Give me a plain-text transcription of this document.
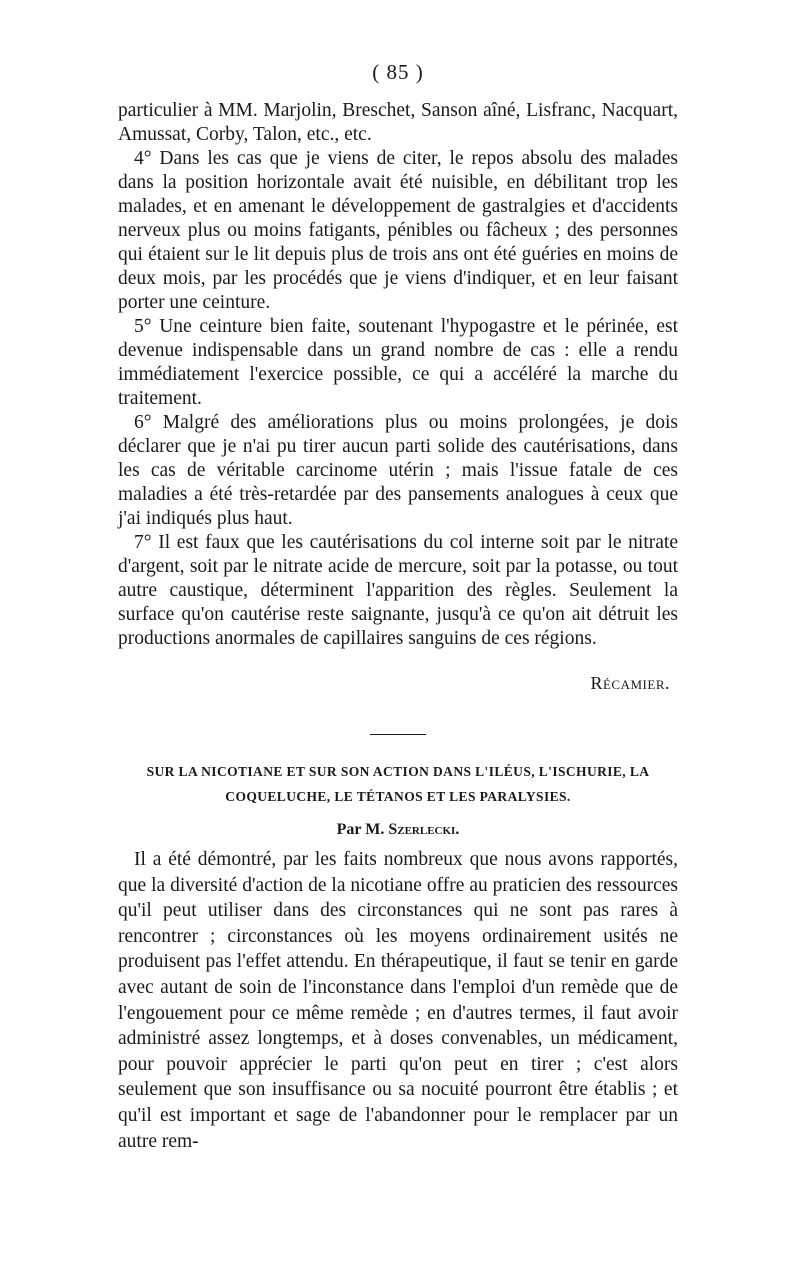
( 85 )

particulier à MM. Marjolin, Breschet, Sanson aîné, Lisfranc, Nacquart, Amussat, Corby, Talon, etc., etc.

4° Dans les cas que je viens de citer, le repos absolu des malades dans la position horizontale avait été nuisible, en débilitant trop les malades, et en amenant le développement de gastralgies et d'accidents nerveux plus ou moins fatigants, pénibles ou fâcheux ; des personnes qui étaient sur le lit depuis plus de trois ans ont été guéries en moins de deux mois, par les procédés que je viens d'indiquer, et en leur faisant porter une ceinture.

5° Une ceinture bien faite, soutenant l'hypogastre et le périnée, est devenue indispensable dans un grand nombre de cas : elle a rendu immédiatement l'exercice possible, ce qui a accéléré la marche du traitement.

6° Malgré des améliorations plus ou moins prolongées, je dois déclarer que je n'ai pu tirer aucun parti solide des cautérisations, dans les cas de véritable carcinome utérin ; mais l'issue fatale de ces maladies a été très-retardée par des pansements analogues à ceux que j'ai indiqués plus haut.

7° Il est faux que les cautérisations du col interne soit par le nitrate d'argent, soit par le nitrate acide de mercure, soit par la potasse, ou tout autre caustique, déterminent l'apparition des règles. Seulement la surface qu'on cautérise reste saignante, jusqu'à ce qu'on ait détruit les productions anormales de capillaires sanguins de ces régions.

Récamier.
SUR LA NICOTIANE ET SUR SON ACTION DANS L'ILÉUS, L'ISCHURIE, LA
COQUELUCHE, LE TÉTANOS ET LES PARALYSIES.
Par M. Szerlecki.

Il a été démontré, par les faits nombreux que nous avons rapportés, que la diversité d'action de la nicotiane offre au praticien des ressources qu'il peut utiliser dans des circonstances qui ne sont pas rares à rencontrer ; circonstances où les moyens ordinairement usités ne produisent pas l'effet attendu. En thérapeutique, il faut se tenir en garde avec autant de soin de l'inconstance dans l'emploi d'un remède que de l'engouement pour ce même remède ; en d'autres termes, il faut avoir administré assez longtemps, et à doses convenables, un médicament, pour pouvoir apprécier le parti qu'on peut en tirer ; c'est alors seulement que son insuffisance ou sa nocuité pourront être établis ; et qu'il est important et sage de l'abandonner pour le remplacer par un autre rem-
